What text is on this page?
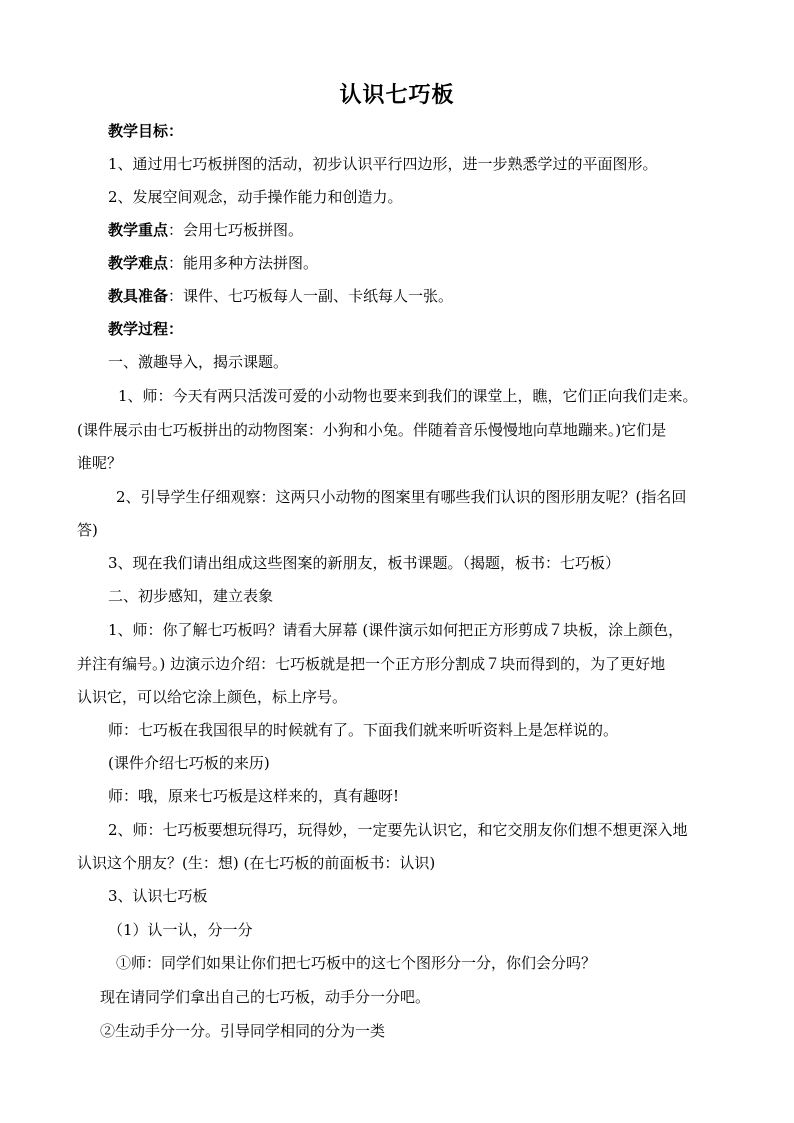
认识七巧板
教学目标：
1、通过用七巧板拼图的活动，初步认识平行四边形，进一步熟悉学过的平面图形。
2、发展空间观念，动手操作能力和创造力。
教学重点：会用七巧板拼图。
教学难点：能用多种方法拼图。
教具准备：课件、七巧板每人一副、卡纸每人一张。
教学过程：
一、激趣导入，揭示课题。
1、师：今天有两只活泼可爱的小动物也要来到我们的课堂上，瞧，它们正向我们走来。
(课件展示由七巧板拼出的动物图案：小狗和小兔。伴随着音乐慢慢地向草地蹦来。)它们是
谁呢？
2、引导学生仔细观察：这两只小动物的图案里有哪些我们认识的图形朋友呢？(指名回
答)
3、现在我们请出组成这些图案的新朋友，板书课题。（揭题，板书：七巧板）
二、初步感知，建立表象
1、师：你了解七巧板吗？请看大屏幕 (课件演示如何把正方形剪成７块板，涂上颜色，
并注有编号。) 边演示边介绍：七巧板就是把一个正方形分割成７块而得到的，为了更好地
认识它，可以给它涂上颜色，标上序号。
师：七巧板在我国很早的时候就有了。下面我们就来听听资料上是怎样说的。
(课件介绍七巧板的来历)
师：哦，原来七巧板是这样来的，真有趣呀!
2、师：七巧板要想玩得巧，玩得妙，一定要先认识它，和它交朋友你们想不想更深入地
认识这个朋友？(生：想) (在七巧板的前面板书：认识)
3、认识七巧板
（1）认一认，分一分
①师：同学们如果让你们把七巧板中的这七个图形分一分，你们会分吗？
现在请同学们拿出自己的七巧板，动手分一分吧。
②生动手分一分。引导同学相同的分为一类
